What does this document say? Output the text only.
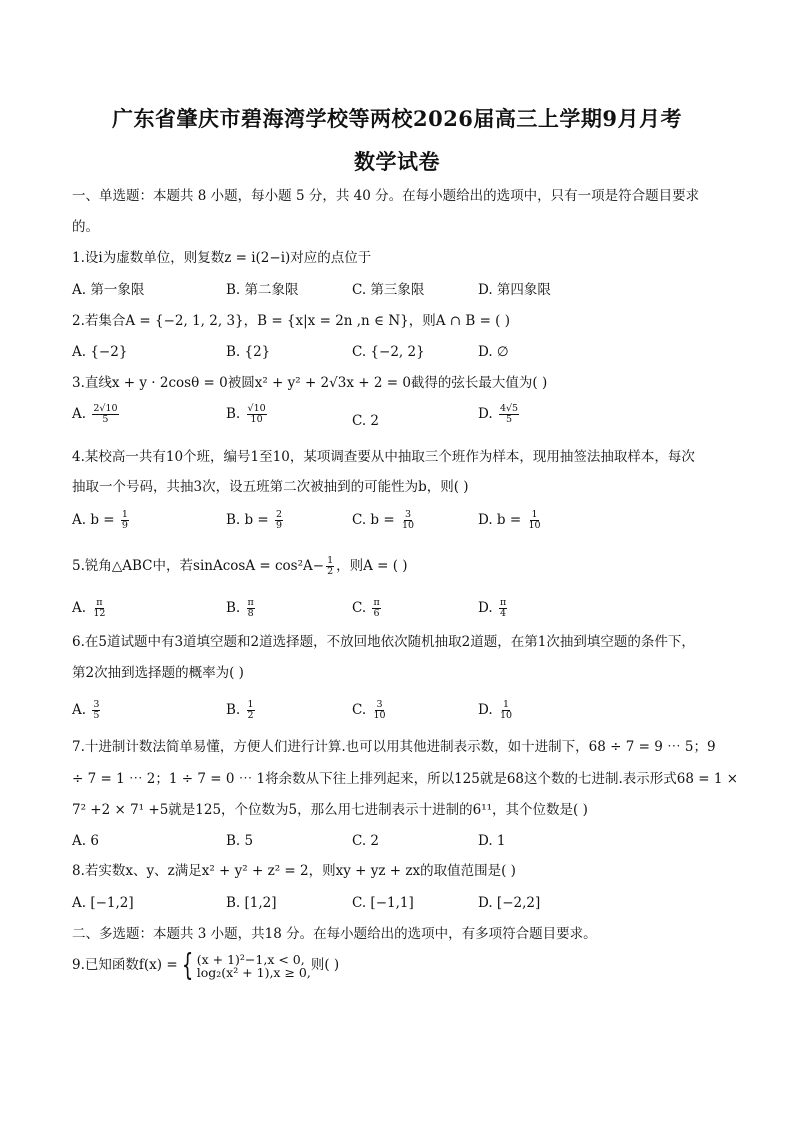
广东省肇庆市碧海湾学校等两校2026届高三上学期9月月考
数学试卷
一、单选题：本题共 8 小题，每小题 5 分，共 40 分。在每小题给出的选项中，只有一项是符合题目要求
的。
1.设i为虚数单位，则复数z = i(2−i)对应的点位于
A. 第一象限	B. 第二象限	C. 第三象限	D. 第四象限
2.若集合A = {−2, 1, 2, 3}，B = {x|x = 2n ,n ∈ N}，则A ∩ B = ( )
A. {−2}	B. {2}	C. {−2, 2}	D. ∅
3.直线x + y · 2cosθ = 0被圆x² + y² + 2√3x + 2 = 0截得的弦长最大值为( )
A. $\frac{2√10}{5}$	B. $\frac{√10}{10}$	C. 2	D. $\frac{4√5}{5}$
4.某校高一共有10个班，编号1至10，某项调查要从中抽取三个班作为样本，现用抽签法抽取样本，每次
抽取一个号码，共抽3次，设五班第二次被抽到的可能性为b，则( )
A. $b = \frac{1}{9}$	B. $b = \frac{2}{9}$	C. $b = \frac{3}{10}$	D. $b = \frac{1}{10}$
5.锐角△ABC中，若sinAcosA = $\cos^2A- \frac{1}{2}$ ，则A = ( )
A. $\frac{\pi}{12}$	B. $\frac{\pi}{8}$	C. $\frac{\pi}{6}$	D. $\frac{\pi}{4}$
6.在5道试题中有3道填空题和2道选择题，不放回地依次随机抽取2道题，在第1次抽到填空题的条件下，
第2次抽到选择题的概率为( )
A. $\frac{3}{5}$	B. $\frac{1}{2}$	C. $\frac{3}{10}$	D. $\frac{1}{10}$
7.十进制计数法简单易懂，方便人们进行计算.也可以用其他进制表示数，如十进制下，68 ÷ 7 = 9 ⋯ 5；9
÷ 7 = 1 ⋯ 2；1 ÷ 7 = 0 ⋯ 1将余数从下往上排列起来，所以125就是68这个数的七进制.表示形式68 = 1 ×
7² +2 × 7¹ +5就是125，个位数为5，那么用七进制表示十进制的6¹¹，其个位数是( )
A. 6	B. 5	C. 2	D. 1
8.若实数x、y、z满足x² + y² + z² = 2，则xy + yz + zx的取值范围是( )
A. [−1,2]	B. [1,2]	C. [−1,1]	D. [−2,2]
二、多选题：本题共 3 小题，共18 分。在每小题给出的选项中，有多项符合题目要求。
9.已知函数f(x) = { (x + 1)²−1,x < 0,
log₂(x² + 1),x ≥ 0, 则( )
